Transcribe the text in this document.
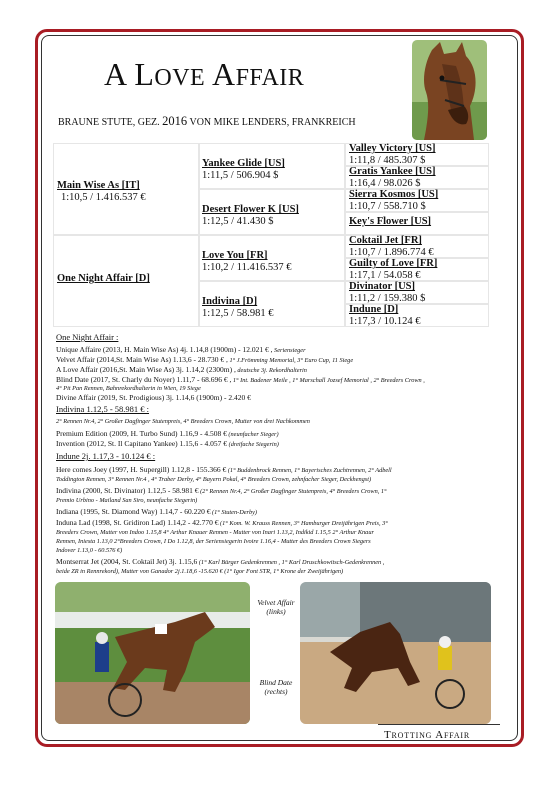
A LOVE AFFAIR
BRAUNE STUTE, GEZ. 2016 VON MIKE LENDERS, FRANKREICH
Main Wise As [IT]
1:10,5 / 1.416.537 €
One Night Affair [D]
Yankee Glide [US]
1:11,5 / 506.904 $
Desert Flower K [US]
1:12,5 / 41.430 $
Love You [FR]
1:10,2 / 11.416.537 €
Indivina [D]
1:12,5 / 58.981 €
Valley Victory [US]
1:11,8 / 485.307 $
Gratis Yankee [US]
1:16,4 / 98.026 $
Sierra Kosmos [US]
1:10,7 / 558.710 $
Key's Flower [US]
Coktail Jet [FR]
1:10,7 / 1.896.774 €
Guilty of Love [FR]
1:17,1 / 54.058 €
Divinator [US]
1:11,2 / 159.380 $
Indune [D]
1:17,3 / 10.124 €
One Night Affair :
Unique Affaire (2013, H. Main Wise As) 4j. 1.14,8 (1900m) - 12.021 € , Seriensieger
Velvet Affair (2014,St. Main Wise As) 1.13,6 - 28.730 € , 1° J.Frömming Memorial, 3° Euro Cup, 11 Siege
A Love Affair (2016,St. Main Wise As) 3j. 1.14,2 (2300m) , deutsche 3j. Rekordhalterin
Blind Date (2017, St. Charly du Noyer) 1.11,7 - 68.696 € , 1° Int. Badener Meile , 1° Marschall Jozsef Memorial , 2° Breeders Crown ,
4° Pit Pan Rennen, Bahnrekordhalterin in Wien, 19 Siege
Divine Affair (2019, St. Prodigious) 3j. 1.14,6 (1900m) - 2.420 €
Indivina 1.12,5 - 58.981 € :
2° Rennen Nr.4, 2° Großer Dagfinger Stutenpreis, 4° Breeders Crown, Mutter von drei Nachkommen
Premium Edition (2009, H. Turbo Sund) 1.16,9 - 4.508 € (neunfacher Sieger)
Invention (2012, St. Il Capitano Yankee) 1.15,6 - 4.057 € (dreifache Siegerin)
Indune 2j. 1.17,3 - 10.124 € :
Here comes Joey (1997, H. Supergill) 1.12,8 - 155.366 € (1° Buddenbrock Rennen, 1° Bayerisches Zuchtrennen, 2° Adbell
Toddington Rennen, 3° Rennen Nr.4 , 4° Traber Derby, 4° Bayern Pokal, 4° Breeders Crown, zehnfacher Sieger, Deckhengst)
Indivina (2000, St. Divinator) 1.12,5 - 58.981 € (2° Rennen Nr.4, 2° Großer Dagfinger Stutenpreis, 4° Breeders Crown, 1°
Premio Urbino - Mailand San Siro, neunfache Siegerin)
Indiana (1995, St. Diamond Way) 1.14,7 - 60.220 € (1° Stuten-Derby)
Induna Lad (1998, St. Gridiron Lad) 1.14,2 - 42.770 € (1° Kom. W. Krauss Rennen, 3° Hamburger Dreijährigen Preis, 3°
Breeders Crown, Mutter von Indoo 1.15,8 4° Arthur Knauer Rennen - Mutter von Inari 1.13,2, Indikid 1.15,5 2° Arthur Knaur
Rennen, Iniesta 1.13,0 2°Breeders Crown, I Do 1.12,8, der Seriensiegerin Ivoire 1.16,4 - Mutter des Breeders Crown Siegers
Indover 1.13,0 - 60.576 €)
Montserrat Jet (2004, St. Coktail Jet) 3j. 1.15,6 (1° Karl Bürger Gedenkrennen , 1° Karl Druschkowitsch-Gedenkrennen ,
beide ZR in Rennrekord), Mutter von Ganador 2j.1.18,6 -15.620 € (1° Igor Font STR, 1° Krone der Zweijährigen)
Velvet Affair
(links)
Blind Date
(rechts)
TROTTING AFFAIR
